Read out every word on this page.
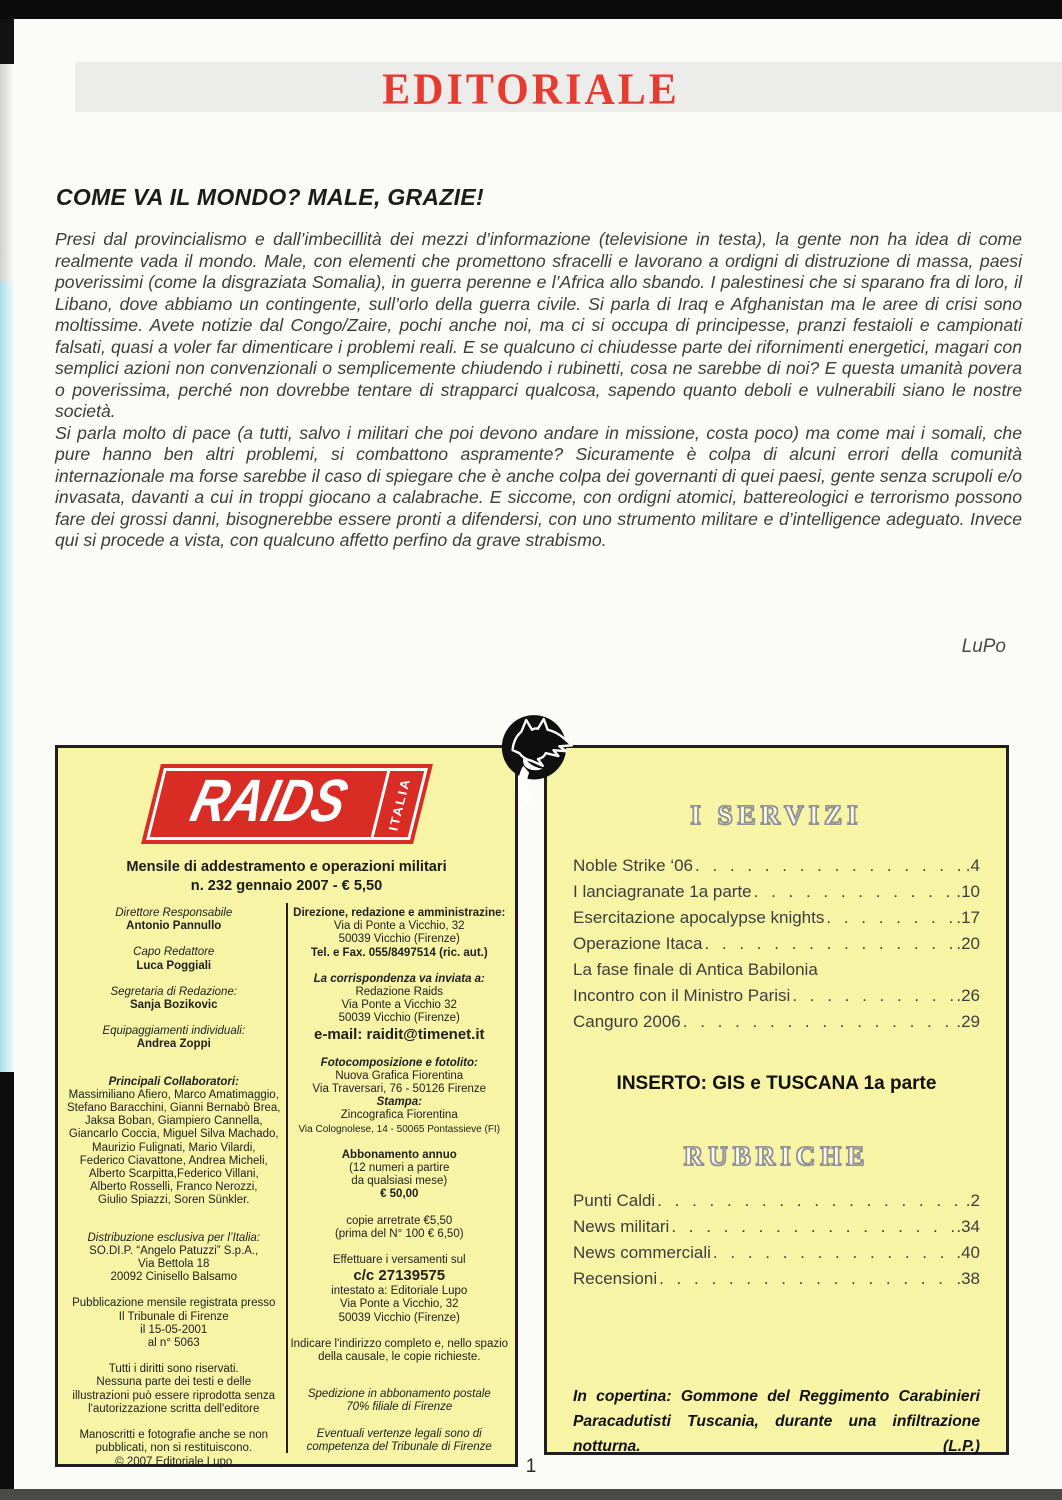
EDITORIALE
COME VA IL MONDO? MALE, GRAZIE!

Presi dal provincialismo e dall’imbecillità dei mezzi d’informazione (televisione in testa), la gente non ha idea di come realmente vada il mondo. Male, con elementi che promettono sfracelli e lavorano a ordigni di distruzione di massa, paesi poverissimi (come la disgraziata Somalia), in guerra perenne e l’Africa allo sbando. I palestinesi che si sparano fra di loro, il Libano, dove abbiamo un contingente, sull’orlo della guerra civile. Si parla di Iraq e Afghanistan ma le aree di crisi sono moltissime. Avete notizie dal Congo/Zaire, pochi anche noi, ma ci si occupa di principesse, pranzi festaioli e campionati falsati, quasi a voler far dimenticare i problemi reali. E se qualcuno ci chiudesse parte dei rifornimenti energetici, magari con semplici azioni non convenzionali o semplicemente chiudendo i rubinetti, cosa ne sarebbe di noi? E questa umanità povera o poverissima, perché non dovrebbe tentare di strapparci qualcosa, sapendo quanto deboli e vulnerabili siano le nostre società.

Si parla molto di pace (a tutti, salvo i militari che poi devono andare in missione, costa poco) ma come mai i somali, che pure hanno ben altri problemi, si combattono aspramente? Sicuramente è colpa di alcuni errori della comunità internazionale ma forse sarebbe il caso di spiegare che è anche colpa dei governanti di quei paesi, gente senza scrupoli e/o invasata, davanti a cui in troppi giocano a calabrache. E siccome, con ordigni atomici, battereologici e terrorismo possono fare dei grossi danni, bisognerebbe essere pronti a difendersi, con uno strumento militare e d’intelligence adeguato. Invece qui si procede a vista, con qualcuno affetto perfino da grave strabismo.

LuPo
RAIDS	ITALIA
Mensile di addestramento e operazioni militari
n. 232 gennaio 2007 - € 5,50
Direttore Responsabile
Antonio Pannullo
Capo Redattore
Luca Poggiali
Segretaria di Redazione:
Sanja Bozikovic
Equipaggiamenti individuali:
Andrea Zoppi
Principali Collaboratori:
Massimiliano Afiero, Marco Amatimaggio,
Stefano Baracchini, Gianni Bernabò Brea,
Jaksa Boban, Giampiero Cannella,
Giancarlo Coccia, Miguel Silva Machado,
Maurizio Fulignati, Mario Vilardi,
Federico Ciavattone, Andrea Micheli,
Alberto Scarpitta,Federico Villani,
Alberto Rosselli, Franco Nerozzi,
Giulio Spiazzi, Soren Sünkler.
Distribuzione esclusiva per l’Italia:
SO.DI.P. “Angelo Patuzzi” S.p.A.,
Via Bettola 18
20092 Cinisello Balsamo
Pubblicazione mensile registrata presso
Il Tribunale di Firenze
il 15-05-2001
al n° 5063
Tutti i diritti sono riservati.
Nessuna parte dei testi e delle
illustrazioni può essere riprodotta senza
l'autorizzazione scritta dell'editore
Manoscritti e fotografie anche se non
pubblicati, non si restituiscono.
© 2007 Editoriale Lupo
Direzione, redazione e amministrazine:
Via di Ponte a Vicchio, 32
50039 Vicchio (Firenze)
Tel. e Fax. 055/8497514 (ric. aut.)
La corrispondenza va inviata a:
Redazione Raids
Via Ponte a Vicchio 32
50039 Vicchio (Firenze)
e-mail: raidit@timenet.it
Fotocomposizione e fotolito:
Nuova Grafica Fiorentina
Via Traversari, 76 - 50126 Firenze
Stampa:
Zincografica Fiorentina
Via Colognolese, 14 - 50065 Pontassieve (FI)
Abbonamento annuo
(12 numeri a partire
da qualsiasi mese)
€ 50,00
copie arretrate €5,50
(prima del N° 100 € 6,50)
Effettuare i versamenti sul
c/c 27139575
intestato a: Editoriale Lupo
Via Ponte a Vicchio, 32
50039 Vicchio (Firenze)
Indicare l'indirizzo completo e, nello spazio
della causale, le copie richieste.
Spedizione in abbonamento postale
70% filiale di Firenze
Eventuali vertenze legali sono di
competenza del Tribunale di Firenze
I SERVIZI
Noble Strike ‘06 . . .	. 4
I lanciagranate 1a parte . . .	. 10
Esercitazione apocalypse knights . . .	. 17
Operazione Itaca . . .	. 20
La fase finale di Antica Babilonia
Incontro con il Ministro Parisi . . .	. 26
Canguro 2006 . . .	. 29
INSERTO: GIS e TUSCANA 1a parte
RUBRICHE
Punti Caldi . . .	. 2
News militari . . .	. 34
News commerciali . . .	. 40
Recensioni . . .	. 38
In copertina: Gommone del Reggimento Carabinieri Paracadutisti Tuscania, durante una infiltrazione notturna. (L.P.)
1
